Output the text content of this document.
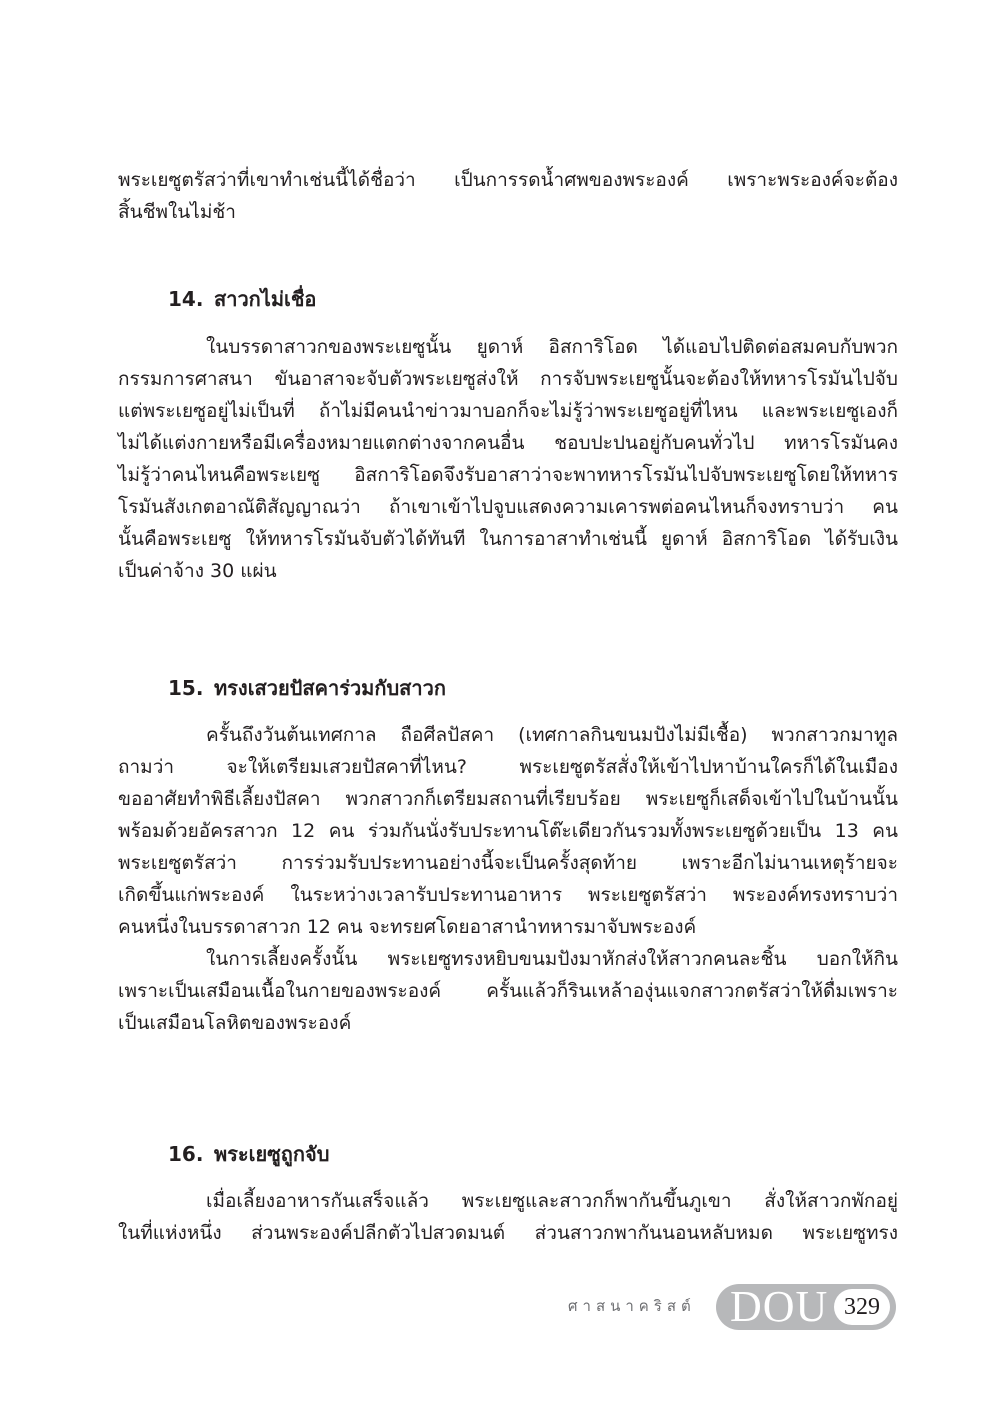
พระเยซูตรัสว่าที่เขาทำเช่นนี้ได้ชื่อว่า เป็นการรดน้ำศพของพระองค์ เพราะพระองค์จะต้อง
สิ้นชีพในไม่ช้า
14. สาวกไม่เชื่อ
ในบรรดาสาวกของพระเยซูนั้น ยูดาห์ อิสการิโอด ได้แอบไปติดต่อสมคบกับพวก
กรรมการศาสนา ขันอาสาจะจับตัวพระเยซูส่งให้ การจับพระเยซูนั้นจะต้องให้ทหารโรมันไปจับ
แต่พระเยซูอยู่ไม่เป็นที่ ถ้าไม่มีคนนำข่าวมาบอกก็จะไม่รู้ว่าพระเยซูอยู่ที่ไหน และพระเยซูเองก็
ไม่ได้แต่งกายหรือมีเครื่องหมายแตกต่างจากคนอื่น ชอบปะปนอยู่กับคนทั่วไป ทหารโรมันคง
ไม่รู้ว่าคนไหนคือพระเยซู อิสการิโอดจึงรับอาสาว่าจะพาทหารโรมันไปจับพระเยซูโดยให้ทหาร
โรมันสังเกตอาณัติสัญญาณว่า ถ้าเขาเข้าไปจูบแสดงความเคารพต่อคนไหนก็จงทราบว่า คน
นั้นคือพระเยซู ให้ทหารโรมันจับตัวได้ทันที ในการอาสาทำเช่นนี้ ยูดาห์ อิสการิโอด ได้รับเงิน
เป็นค่าจ้าง 30 แผ่น
15. ทรงเสวยปัสคาร่วมกับสาวก
ครั้นถึงวันต้นเทศกาล ถือศีลปัสคา (เทศกาลกินขนมปังไม่มีเชื้อ) พวกสาวกมาทูล
ถามว่า จะให้เตรียมเสวยปัสคาที่ไหน? พระเยซูตรัสสั่งให้เข้าไปหาบ้านใครก็ได้ในเมือง
ขออาศัยทำพิธีเลี้ยงปัสคา พวกสาวกก็เตรียมสถานที่เรียบร้อย พระเยซูก็เสด็จเข้าไปในบ้านนั้น
พร้อมด้วยอัครสาวก 12 คน ร่วมกันนั่งรับประทานโต๊ะเดียวกันรวมทั้งพระเยซูด้วยเป็น 13 คน
พระเยซูตรัสว่า การร่วมรับประทานอย่างนี้จะเป็นครั้งสุดท้าย เพราะอีกไม่นานเหตุร้ายจะ
เกิดขึ้นแก่พระองค์ ในระหว่างเวลารับประทานอาหาร พระเยซูตรัสว่า พระองค์ทรงทราบว่า
คนหนึ่งในบรรดาสาวก 12 คน จะทรยศโดยอาสานำทหารมาจับพระองค์
ในการเลี้ยงครั้งนั้น พระเยซูทรงหยิบขนมปังมาหักส่งให้สาวกคนละชิ้น บอกให้กิน
เพราะเป็นเสมือนเนื้อในกายของพระองค์ ครั้นแล้วก็รินเหล้าองุ่นแจกสาวกตรัสว่าให้ดื่มเพราะ
เป็นเสมือนโลหิตของพระองค์
16. พระเยซูถูกจับ
เมื่อเลี้ยงอาหารกันเสร็จแล้ว พระเยซูและสาวกก็พากันขึ้นภูเขา สั่งให้สาวกพักอยู่
ในที่แห่งหนึ่ง ส่วนพระองค์ปลีกตัวไปสวดมนต์ ส่วนสาวกพากันนอนหลับหมด พระเยซูทรง
ศาสนาคริสต์ DOU 329
